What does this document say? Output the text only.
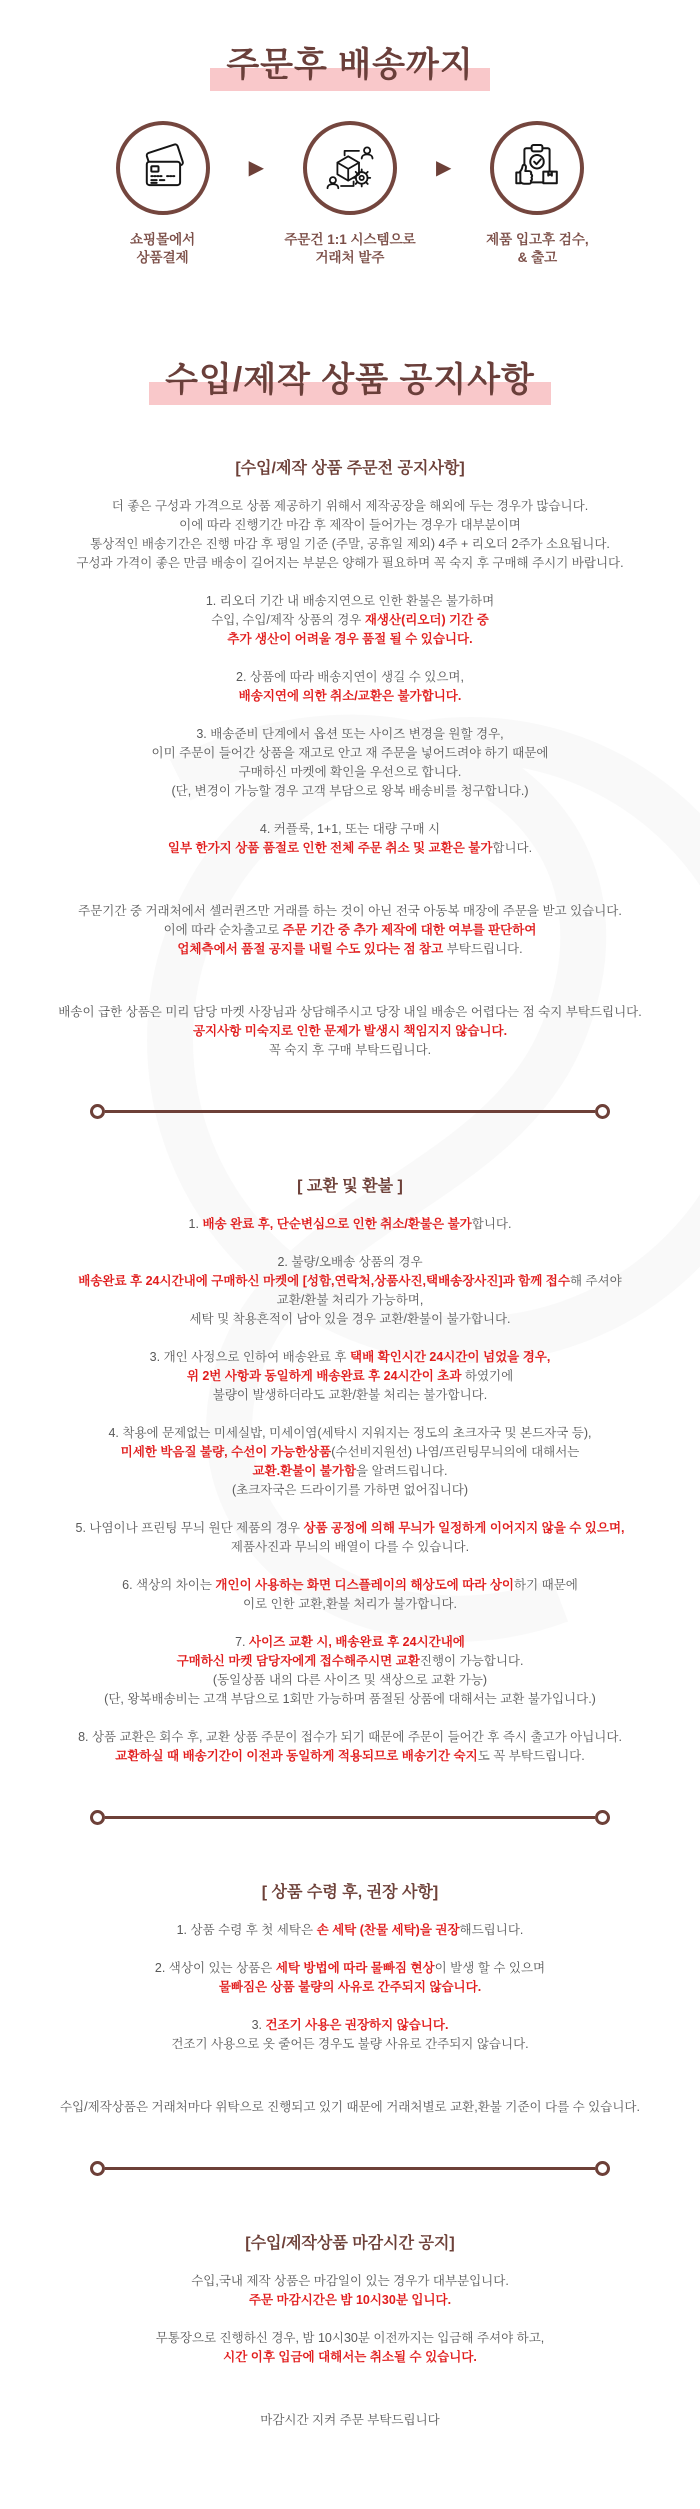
주문후 배송까지
쇼핑몰에서
상품결제
▶
주문건 1:1 시스템으로
거래처 발주
▶
제품 입고후 검수,
& 출고
수입/제작 상품 공지사항

[수입/제작 상품 주문전 공지사항]

더 좋은 구성과 가격으로 상품 제공하기 위해서 제작공장을 해외에 두는 경우가 많습니다.
이에 따라 진행기간 마감 후 제작이 들어가는 경우가 대부분이며
통상적인 배송기간은 진행 마감 후 평일 기준 (주말, 공휴일 제외) 4주 + 리오더 2주가 소요됩니다.
구성과 가격이 좋은 만큼 배송이 길어지는 부분은 양해가 필요하며 꼭 숙지 후 구매해 주시기 바랍니다.

1. 리오더 기간 내 배송지연으로 인한 환불은 불가하며
수입, 수입/제작 상품의 경우 재생산(리오더) 기간 중
추가 생산이 어려울 경우 품절 될 수 있습니다.

2. 상품에 따라 배송지연이 생길 수 있으며,
배송지연에 의한 취소/교환은 불가합니다.

3. 배송준비 단계에서 옵션 또는 사이즈 변경을 원할 경우,
이미 주문이 들어간 상품을 재고로 안고 재 주문을 넣어드려야 하기 때문에
구매하신 마켓에 확인을 우선으로 합니다.
(단, 변경이 가능할 경우 고객 부담으로 왕복 배송비를 청구합니다.)

4. 커플룩, 1+1, 또는 대량 구매 시
일부 한가지 상품 품절로 인한 전체 주문 취소 및 교환은 불가합니다.

주문기간 중 거래처에서 셀러퀸즈만 거래를 하는 것이 아닌 전국 아동복 매장에 주문을 받고 있습니다.
이에 따라 순차출고로 주문 기간 중 추가 제작에 대한 여부를 판단하여
업체측에서 품절 공지를 내릴 수도 있다는 점 참고 부탁드립니다.

배송이 급한 상품은 미리 담당 마켓 사장님과 상담해주시고 당장 내일 배송은 어렵다는 점 숙지 부탁드립니다.
공지사항 미숙지로 인한 문제가 발생시 책임지지 않습니다.
꼭 숙지 후 구매 부탁드립니다.

[ 교환 및 환불 ]

1. 배송 완료 후, 단순변심으로 인한 취소/환불은 불가합니다.

2. 불량/오배송 상품의 경우
배송완료 후 24시간내에 구매하신 마켓에 [성함,연락처,상품사진,택배송장사진]과 함께 접수해 주셔야
교환/환불 처리가 가능하며,
세탁 및 착용흔적이 남아 있을 경우 교환/환불이 불가합니다.

3. 개인 사정으로 인하여 배송완료 후 택배 확인시간 24시간이 넘었을 경우,
위 2번 사항과 동일하게 배송완료 후 24시간이 초과 하였기에
불량이 발생하더라도 교환/환불 처리는 불가합니다.

4. 착용에 문제없는 미세실밥, 미세이염(세탁시 지워지는 정도의 초크자국 및 본드자국 등),
미세한 박음질 불량, 수선이 가능한상품(수선비지원선) 나염/프린팅무늬의에 대해서는
교환.환불이 불가함을 알려드립니다.
(초크자국은 드라이기를 가하면 없어집니다)

5. 나염이나 프린팅 무늬 원단 제품의 경우 상품 공정에 의해 무늬가 일정하게 이어지지 않을 수 있으며,
제품사진과 무늬의 배열이 다를 수 있습니다.

6. 색상의 차이는 개인이 사용하는 화면 디스플레이의 해상도에 따라 상이하기 때문에
이로 인한 교환,환불 처리가 불가합니다.

7. 사이즈 교환 시, 배송완료 후 24시간내에
구매하신 마켓 담당자에게 접수해주시면 교환진행이 가능합니다.
(동일상품 내의 다른 사이즈 및 색상으로 교환 가능)
(단, 왕복배송비는 고객 부담으로 1회만 가능하며 품절된 상품에 대해서는 교환 불가입니다.)

8. 상품 교환은 회수 후, 교환 상품 주문이 접수가 되기 때문에 주문이 들어간 후 즉시 출고가 아닙니다.
교환하실 때 배송기간이 이전과 동일하게 적용되므로 배송기간 숙지도 꼭 부탁드립니다.

[ 상품 수령 후, 권장 사항]

1. 상품 수령 후 첫 세탁은 손 세탁 (찬물 세탁)을 권장해드립니다.

2. 색상이 있는 상품은 세탁 방법에 따라 물빠짐 현상이 발생 할 수 있으며
물빠짐은 상품 불량의 사유로 간주되지 않습니다.

3. 건조기 사용은 권장하지 않습니다.
건조기 사용으로 옷 줄어든 경우도 불량 사유로 간주되지 않습니다.

수입/제작상품은 거래처마다 위탁으로 진행되고 있기 때문에 거래처별로 교환,환불 기준이 다를 수 있습니다.

[수입/제작상품 마감시간 공지]

수입,국내 제작 상품은 마감일이 있는 경우가 대부분입니다.
주문 마감시간은 밤 10시30분 입니다.

무통장으로 진행하신 경우, 밤 10시30분 이전까지는 입금해 주셔야 하고,
시간 이후 입금에 대해서는 취소될 수 있습니다.

마감시간 지켜 주문 부탁드립니다
